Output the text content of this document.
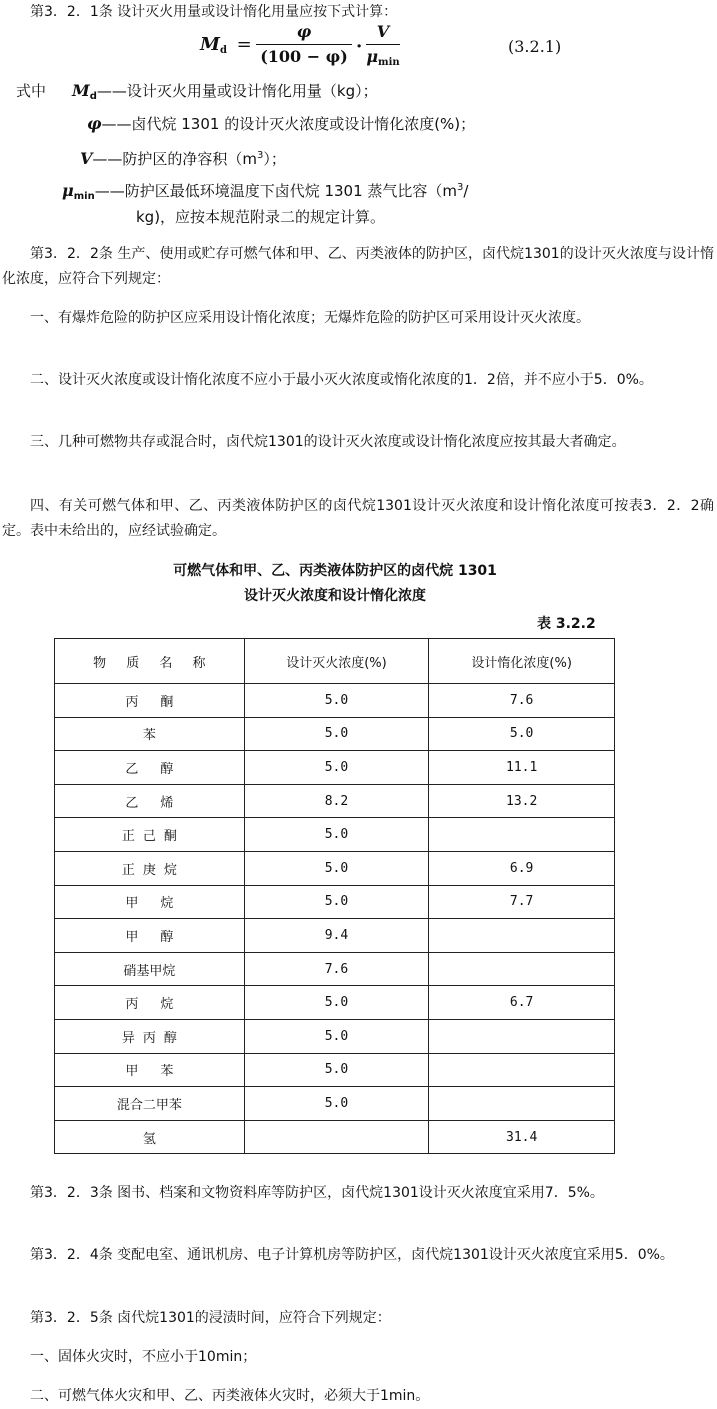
第3．2．1条 设计灭火用量或设计惰化用量应按下式计算：
$M_d$ =
φ
(100 − φ) ·
V
$\mu_{min}$
(3.2.1)
式中 $M_d——$设计灭火用量或设计惰化用量（kg）；
φ——卤代烷 1301 的设计灭火浓度或设计惰化浓度(%)；
V——防护区的净容积$(m^3)$；
$\mu_{min}——$防护区最低环境温度下卤代烷 1301 蒸气比容（$m^3/$
kg)，应按本规范附录二的规定计算。
第3．2．2条 生产、使用或贮存可燃气体和甲、乙、丙类液体的防护区，卤代烷1301的设计灭火浓度与设计惰化浓度，应符合下列规定：
一、有爆炸危险的防护区应采用设计惰化浓度；无爆炸危险的防护区可采用设计灭火浓度。
二、设计灭火浓度或设计惰化浓度不应小于最小灭火浓度或惰化浓度的1．2倍，并不应小于5．0%。
三、几种可燃物共存或混合时，卤代烷1301的设计灭火浓度或设计惰化浓度应按其最大者确定。
四、有关可燃气体和甲、乙、丙类液体防护区的卤代烷1301设计灭火浓度和设计惰化浓度可按表3．2．2确定。表中未给出的，应经试验确定。
可燃气体和甲、乙、丙类液体防护区的卤代烷 1301
设计灭火浓度和设计惰化浓度
表 3.2.2
物 质 名 称	设计灭火浓度(%)	设计惰化浓度(%)
丙酮	5.0	7.6
苯	5.0	5.0
乙醇	5.0	11.1
乙烯	8.2	13.2
正己酮	5.0	
正庚烷	5.0	6.9
甲烷	5.0	7.7
甲醇	9.4	
硝基甲烷	7.6	
丙烷	5.0	6.7
异丙醇	5.0	
甲苯	5.0	
混合二甲苯	5.0	
氢		31.4
第3．2．3条 图书、档案和文物资料库等防护区，卤代烷1301设计灭火浓度宜采用7．5%。
第3．2．4条 变配电室、通讯机房、电子计算机房等防护区，卤代烷1301设计灭火浓度宜采用5．0%。
第3．2．5条 卤代烷1301的浸渍时间，应符合下列规定：
一、固体火灾时，不应小于10min；
二、可燃气体火灾和甲、乙、丙类液体火灾时，必须大于1min。
